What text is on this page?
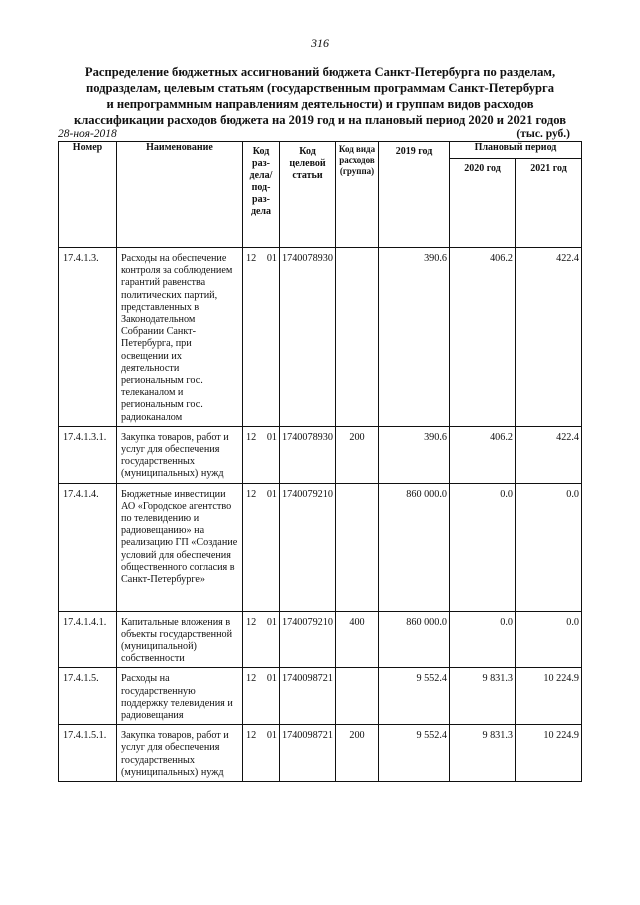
316
Распределение бюджетных ассигнований бюджета Санкт-Петербурга по разделам,
подразделам, целевым статьям (государственным программам Санкт-Петербурга
и непрограммным направлениям деятельности) и группам видов расходов
классификации расходов бюджета на 2019 год и на плановый период 2020 и 2021 годов
28-ноя-2018	(тыс. руб.)
Номер	Наименование	Код раз- дела/ под- раз- дела	Код целевой статьи	Код вида расходов (группа)	2019 год	Плановый период	
						2020 год	2021 год
17.4.1.3.	Расходы на обеспечение контроля за соблюдением гарантий равенства политических партий, представленных в Законодательном Собрании Санкт-Петербурга, при освещении их деятельности региональным гос. телеканалом и региональным гос. радиоканалом	12 01	1740078930		390.6	406.2	422.4
17.4.1.3.1.	Закупка товаров, работ и услуг для обеспечения государственных (муниципальных) нужд	12 01	1740078930	200	390.6	406.2	422.4
17.4.1.4.	Бюджетные инвестиции АО «Городское агентство по телевидению и радиовещанию» на реализацию ГП «Создание условий для обеспечения общественного согласия в Санкт-Петербурге»	12 01	1740079210		860 000.0	0.0	0.0
17.4.1.4.1.	Капитальные вложения в объекты государственной (муниципальной) собственности	12 01	1740079210	400	860 000.0	0.0	0.0
17.4.1.5.	Расходы на государственную поддержку телевидения и радиовещания	12 01	1740098721		9 552.4	9 831.3	10 224.9
17.4.1.5.1.	Закупка товаров, работ и услуг для обеспечения государственных (муниципальных) нужд	12 01	1740098721	200	9 552.4	9 831.3	10 224.9
